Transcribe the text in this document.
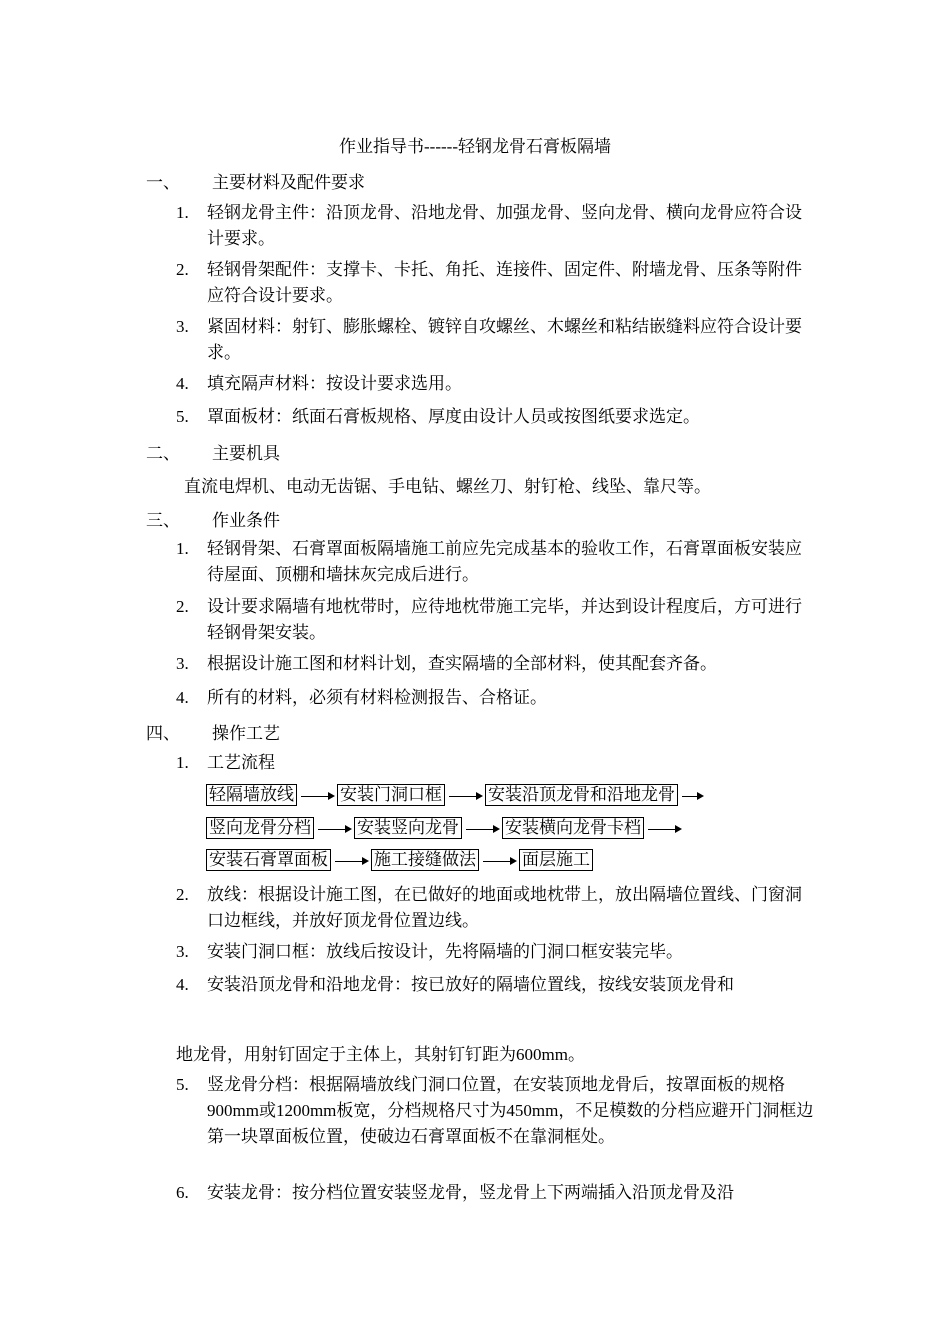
作业指导书------轻钢龙骨石膏板隔墙
一、 主要材料及配件要求
1. 轻钢龙骨主件：沿顶龙骨、沿地龙骨、加强龙骨、竖向龙骨、横向龙骨应符合设计要求。
2. 轻钢骨架配件：支撑卡、卡托、角托、连接件、固定件、附墙龙骨、压条等附件应符合设计要求。
3. 紧固材料：射钉、膨胀螺栓、镀锌自攻螺丝、木螺丝和粘结嵌缝料应符合设计要求。
4. 填充隔声材料：按设计要求选用。
5. 罩面板材：纸面石膏板规格、厚度由设计人员或按图纸要求选定。
二、 主要机具
直流电焊机、电动无齿锯、手电钻、螺丝刀、射钉枪、线坠、靠尺等。
三、 作业条件
1. 轻钢骨架、石膏罩面板隔墙施工前应先完成基本的验收工作，石膏罩面板安装应待屋面、顶棚和墙抹灰完成后进行。
2. 设计要求隔墙有地枕带时，应待地枕带施工完毕，并达到设计程度后，方可进行轻钢骨架安装。
3. 根据设计施工图和材料计划，查实隔墙的全部材料，使其配套齐备。
4. 所有的材料，必须有材料检测报告、合格证。
四、 操作工艺
1. 工艺流程
轻隔墙放线	安装门洞口框	安装沿顶龙骨和沿地龙骨
竖向龙骨分档	安装竖向龙骨	安装横向龙骨卡档
安装石膏罩面板	施工接缝做法	面层施工
2. 放线：根据设计施工图，在已做好的地面或地枕带上，放出隔墙位置线、门窗洞口边框线，并放好顶龙骨位置边线。
3. 安装门洞口框：放线后按设计，先将隔墙的门洞口框安装完毕。
4. 安装沿顶龙骨和沿地龙骨：按已放好的隔墙位置线，按线安装顶龙骨和
地龙骨，用射钉固定于主体上，其射钉钉距为600mm。
5. 竖龙骨分档：根据隔墙放线门洞口位置，在安装顶地龙骨后，按罩面板的规格900mm或1200mm板宽，分档规格尺寸为450mm，不足模数的分档应避开门洞框边第一块罩面板位置，使破边石膏罩面板不在靠洞框处。
6. 安装龙骨：按分档位置安装竖龙骨，竖龙骨上下两端插入沿顶龙骨及沿
